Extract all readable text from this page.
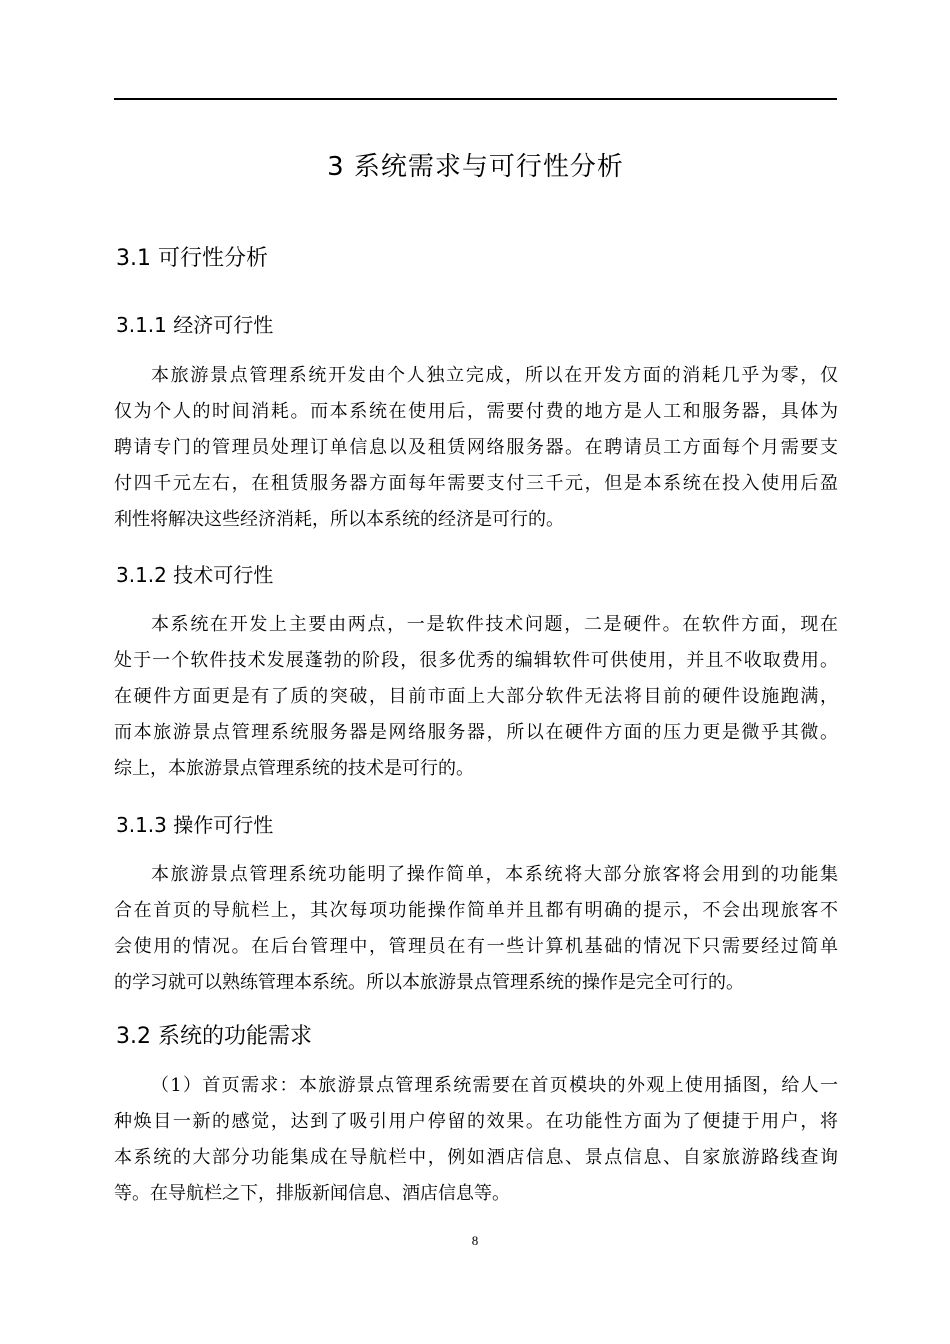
3 系统需求与可行性分析
3.1 可行性分析
3.1.1 经济可行性
本旅游景点管理系统开发由个人独立完成，所以在开发方面的消耗几乎为零，仅
仅为个人的时间消耗。而本系统在使用后，需要付费的地方是人工和服务器，具体为
聘请专门的管理员处理订单信息以及租赁网络服务器。在聘请员工方面每个月需要支
付四千元左右，在租赁服务器方面每年需要支付三千元，但是本系统在投入使用后盈
利性将解决这些经济消耗，所以本系统的经济是可行的。
3.1.2 技术可行性
本系统在开发上主要由两点，一是软件技术问题，二是硬件。在软件方面，现在
处于一个软件技术发展蓬勃的阶段，很多优秀的编辑软件可供使用，并且不收取费用。
在硬件方面更是有了质的突破，目前市面上大部分软件无法将目前的硬件设施跑满，
而本旅游景点管理系统服务器是网络服务器，所以在硬件方面的压力更是微乎其微。
综上，本旅游景点管理系统的技术是可行的。
3.1.3 操作可行性
本旅游景点管理系统功能明了操作简单，本系统将大部分旅客将会用到的功能集
合在首页的导航栏上，其次每项功能操作简单并且都有明确的提示，不会出现旅客不
会使用的情况。在后台管理中，管理员在有一些计算机基础的情况下只需要经过简单
的学习就可以熟练管理本系统。所以本旅游景点管理系统的操作是完全可行的。
3.2 系统的功能需求
（1）首页需求：本旅游景点管理系统需要在首页模块的外观上使用插图，给人一
种焕目一新的感觉，达到了吸引用户停留的效果。在功能性方面为了便捷于用户，将
本系统的大部分功能集成在导航栏中，例如酒店信息、景点信息、自家旅游路线查询
等。在导航栏之下，排版新闻信息、酒店信息等。
8
